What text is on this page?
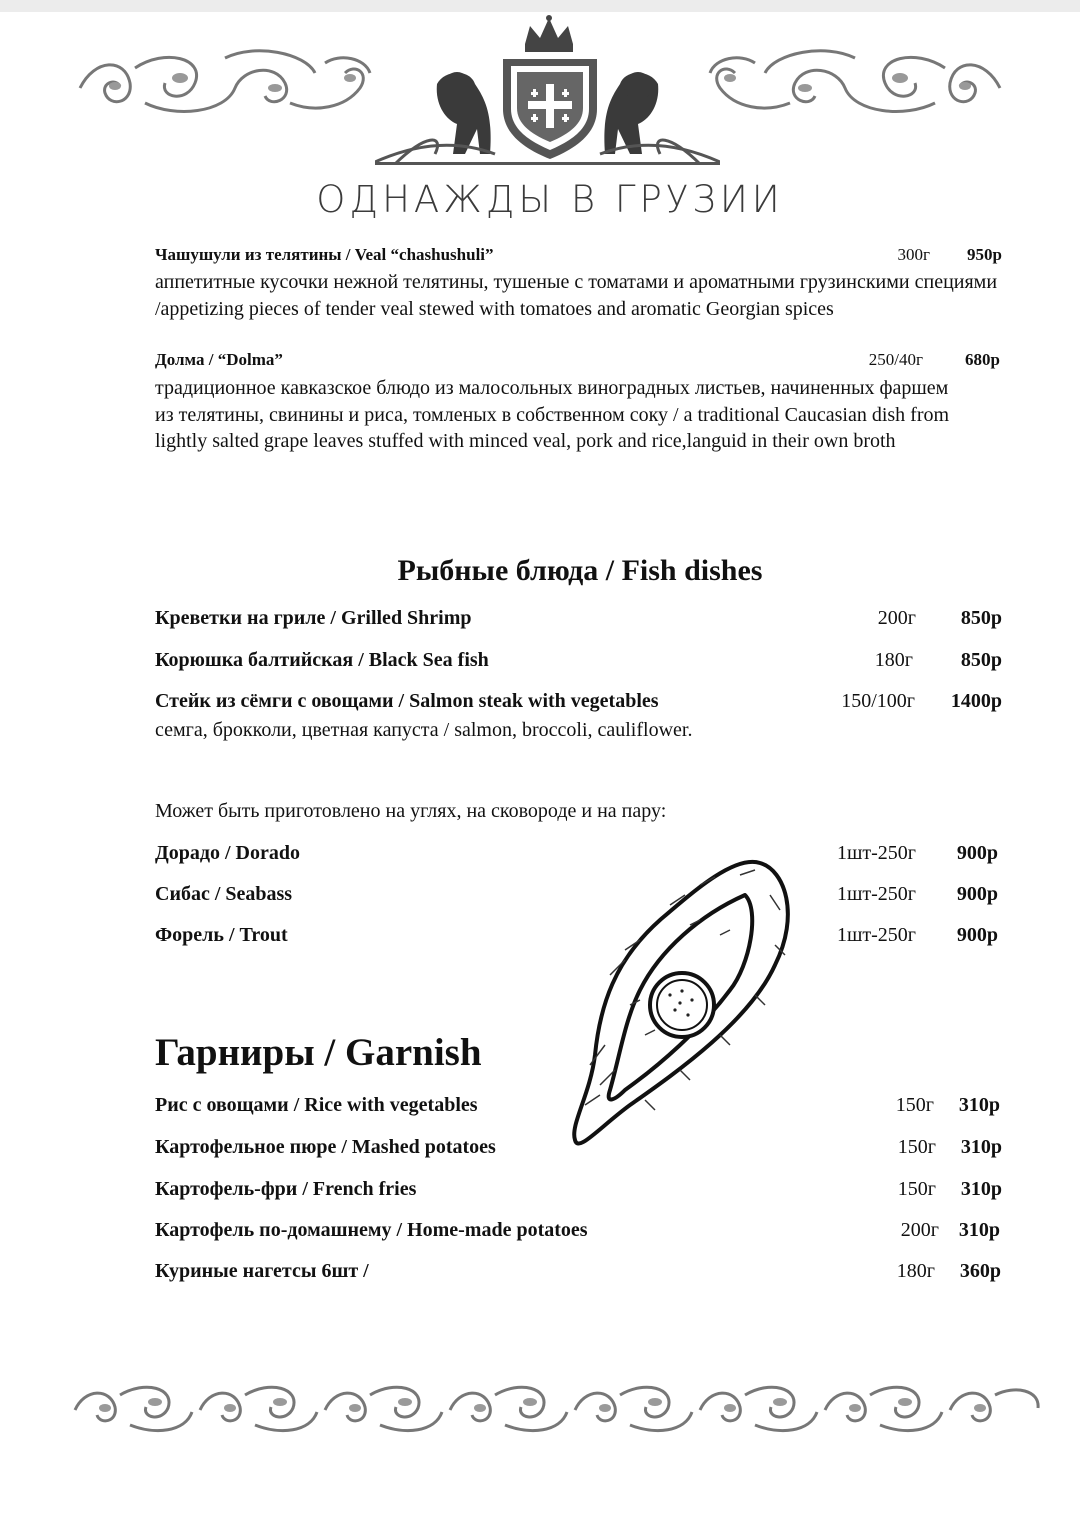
ОДНАЖДЫ В ГРУЗИИ
Чашушули из телятины / Veal “chashushuli”	300г	950р
аппетитные кусочки нежной телятины, тушеные с томатами и ароматными грузинскими специями /appetizing pieces of tender veal stewed with tomatoes and aromatic Georgian spices
Долма / “Dolma”	250/40г	680р
традиционное кавказское блюдо из малосольных виноградных листьев, начиненных фаршем          из телятины, свинины и риса, томленых в собственном соку / a traditional Caucasian dish from lightly salted grape leaves stuffed with minced veal, pork and rice,languid in their own broth
Рыбные блюда / Fish dishes
Креветки на гриле / Grilled Shrimp	200г	850р
Корюшка балтийская / Black Sea fish	180г	850р
Стейк из сёмги с овощами / Salmon steak with vegetables	150/100г	1400р
семга, брокколи, цветная капуста / salmon, broccoli, cauliflower.
Может быть приготовлено на углях, на сковороде и на пару:
Дорадо / Dorado	1шт-250г	900р
Сибас / Seabass	1шт-250г	900р
Форель / Trout	1шт-250г	900р
Гарниры / Garnish
Рис с овощами / Rice with vegetables	150г	310р
Картофельное пюре / Mashed potatoes	150г	310р
Картофель-фри / French fries	150г	310р
Картофель по-домашнему / Home-made potatoes	200г 310р
Куриные нагетсы 6шт /	180г	360р
